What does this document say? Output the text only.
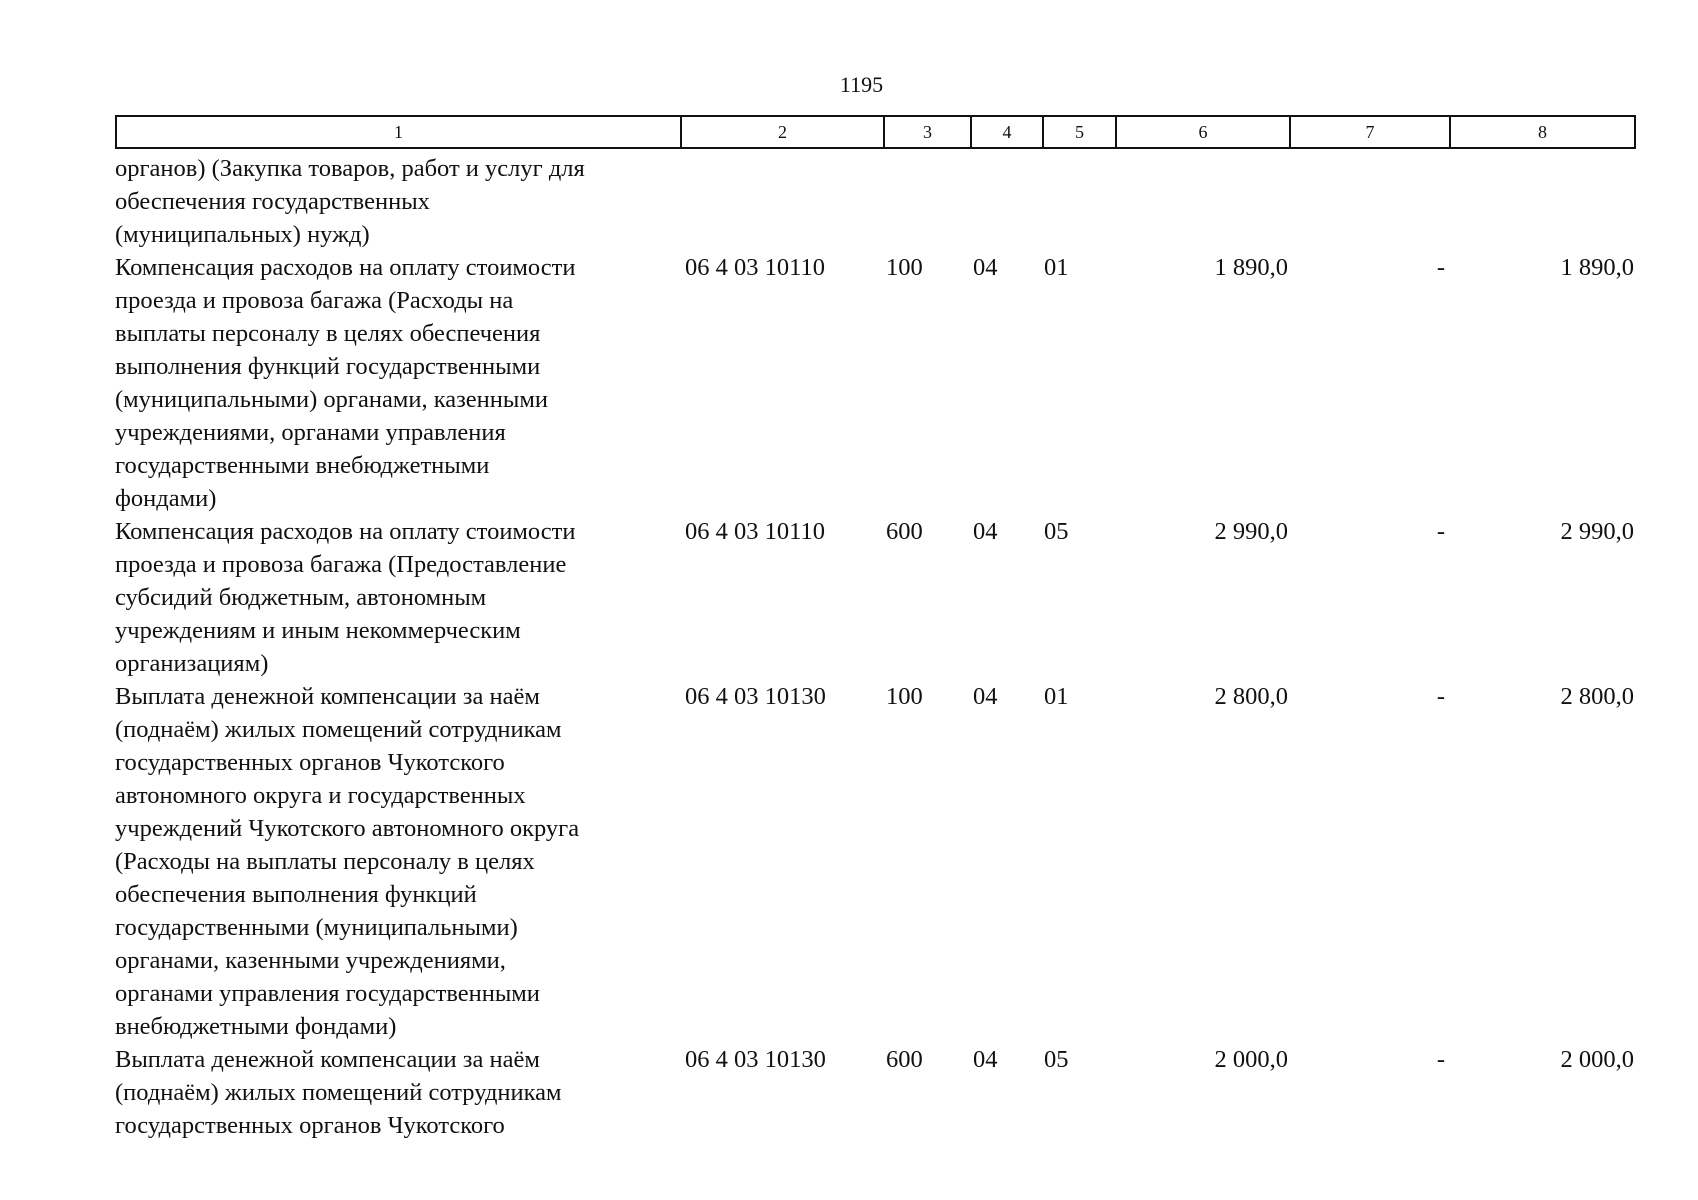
1195
1	2	3	4	5	6	7	8
органов) (Закупка товаров, работ и услуг для
обеспечения государственных
(муниципальных) нужд)
Компенсация расходов на оплату стоимости
проезда и провоза багажа (Расходы на
выплаты персоналу в целях обеспечения
выполнения функций государственными
(муниципальными) органами, казенными
учреждениями, органами управления
государственными внебюджетными
фондами)
06 4 03 10110	100	04	01	1 890,0	-	1 890,0
Компенсация расходов на оплату стоимости
проезда и провоза багажа (Предоставление
субсидий бюджетным, автономным
учреждениям и иным некоммерческим
организациям)
06 4 03 10110	600	04	05	2 990,0	-	2 990,0
Выплата денежной компенсации за наём
(поднаём) жилых помещений сотрудникам
государственных органов Чукотского
автономного округа и государственных
учреждений Чукотского автономного округа
(Расходы на выплаты персоналу в целях
обеспечения выполнения функций
государственными (муниципальными)
органами, казенными учреждениями,
органами управления государственными
внебюджетными фондами)
06 4 03 10130	100	04	01	2 800,0	-	2 800,0
Выплата денежной компенсации за наём
(поднаём) жилых помещений сотрудникам
государственных органов Чукотского
06 4 03 10130	600	04	05	2 000,0	-	2 000,0
